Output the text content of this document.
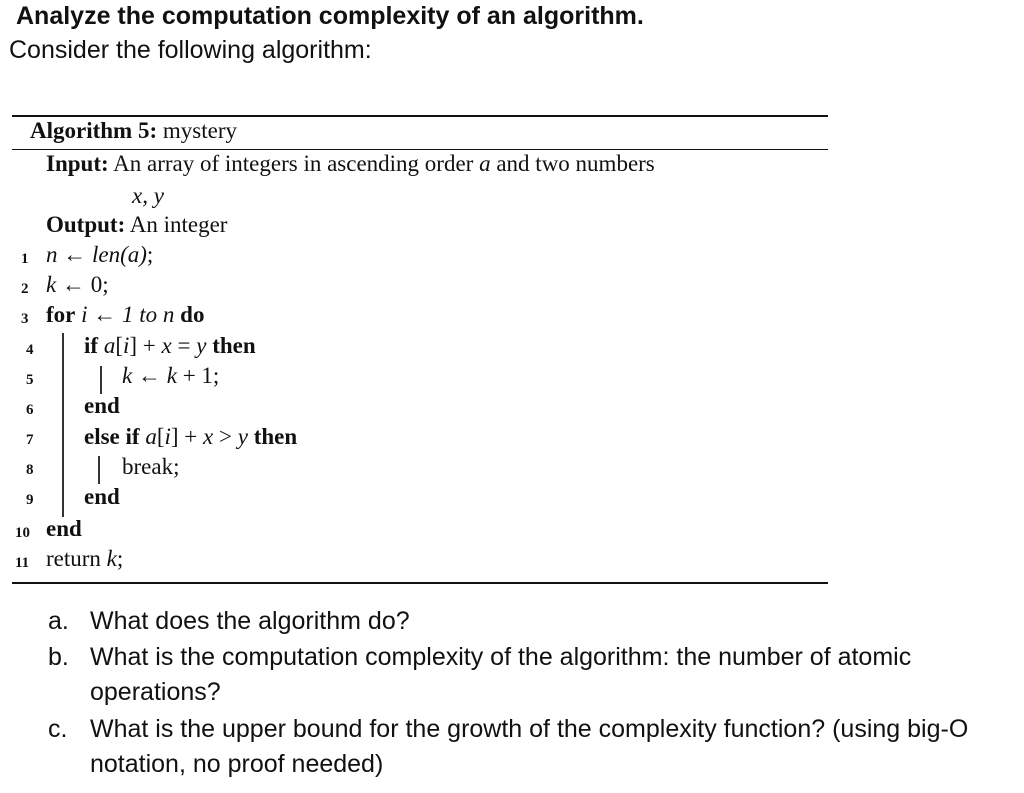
Analyze the computation complexity of an algorithm.
Consider the following algorithm:
Algorithm 5: mystery
Input: An array of integers in ascending order a and two numbers
x, y
Output: An integer
1 n ← len(a);
2 k ← 0;
3 for i ← 1 to n do
4 if a[i] + x = y then
5	k ← k + 1;
6 end
7 else if a[i] + x > y then
8	break;
9 end
10 end
11 return k;
a. What does the algorithm do?
b. What is the computation complexity of the algorithm: the number of atomic operations?
c. What is the upper bound for the growth of the complexity function? (using big-O notation, no proof needed)
